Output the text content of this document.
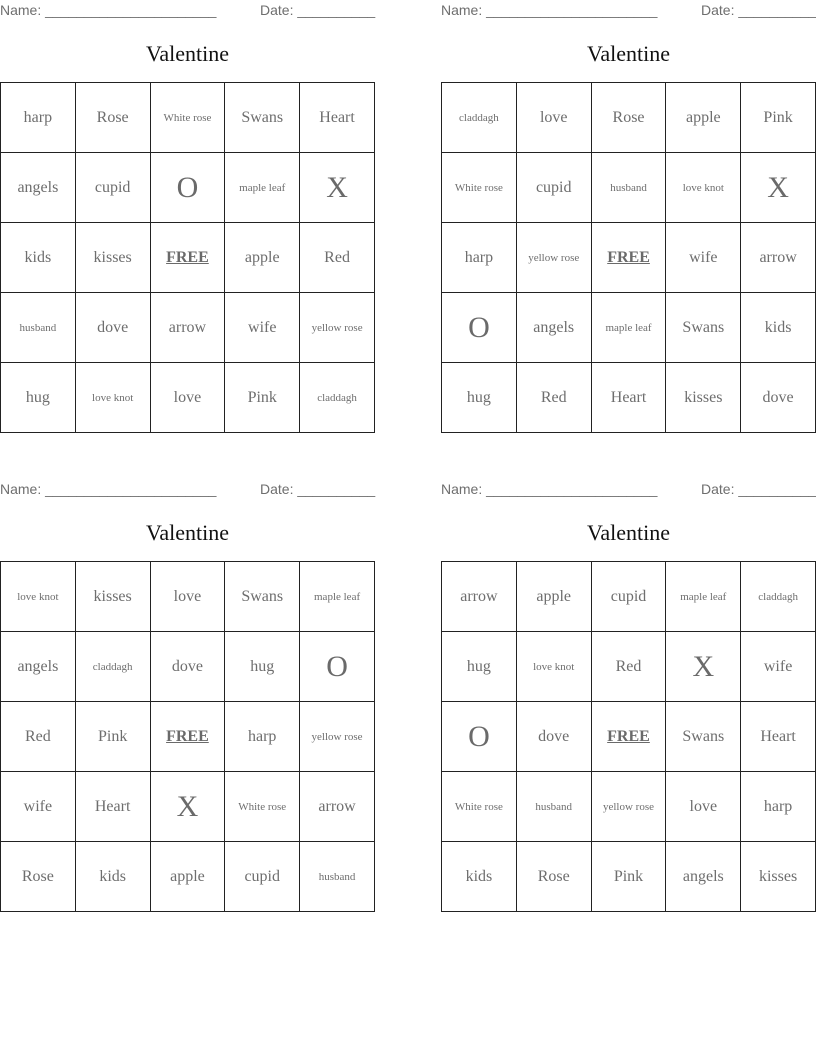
Name: ______________________	Date: __________
Valentine
harp	Rose	White rose	Swans	Heart
angels	cupid	O	maple leaf	X
kids	kisses	FREE	apple	Red
husband	dove	arrow	wife	yellow rose
hug	love knot	love	Pink	claddagh
Name: ______________________	Date: __________
Valentine
claddagh	love	Rose	apple	Pink
White rose	cupid	husband	love knot	X
harp	yellow rose	FREE	wife	arrow
O	angels	maple leaf	Swans	kids
hug	Red	Heart	kisses	dove
Name: ______________________	Date: __________
Valentine
love knot	kisses	love	Swans	maple leaf
angels	claddagh	dove	hug	O
Red	Pink	FREE	harp	yellow rose
wife	Heart	X	White rose	arrow
Rose	kids	apple	cupid	husband
Name: ______________________	Date: __________
Valentine
arrow	apple	cupid	maple leaf	claddagh
hug	love knot	Red	X	wife
O	dove	FREE	Swans	Heart
White rose	husband	yellow rose	love	harp
kids	Rose	Pink	angels	kisses
